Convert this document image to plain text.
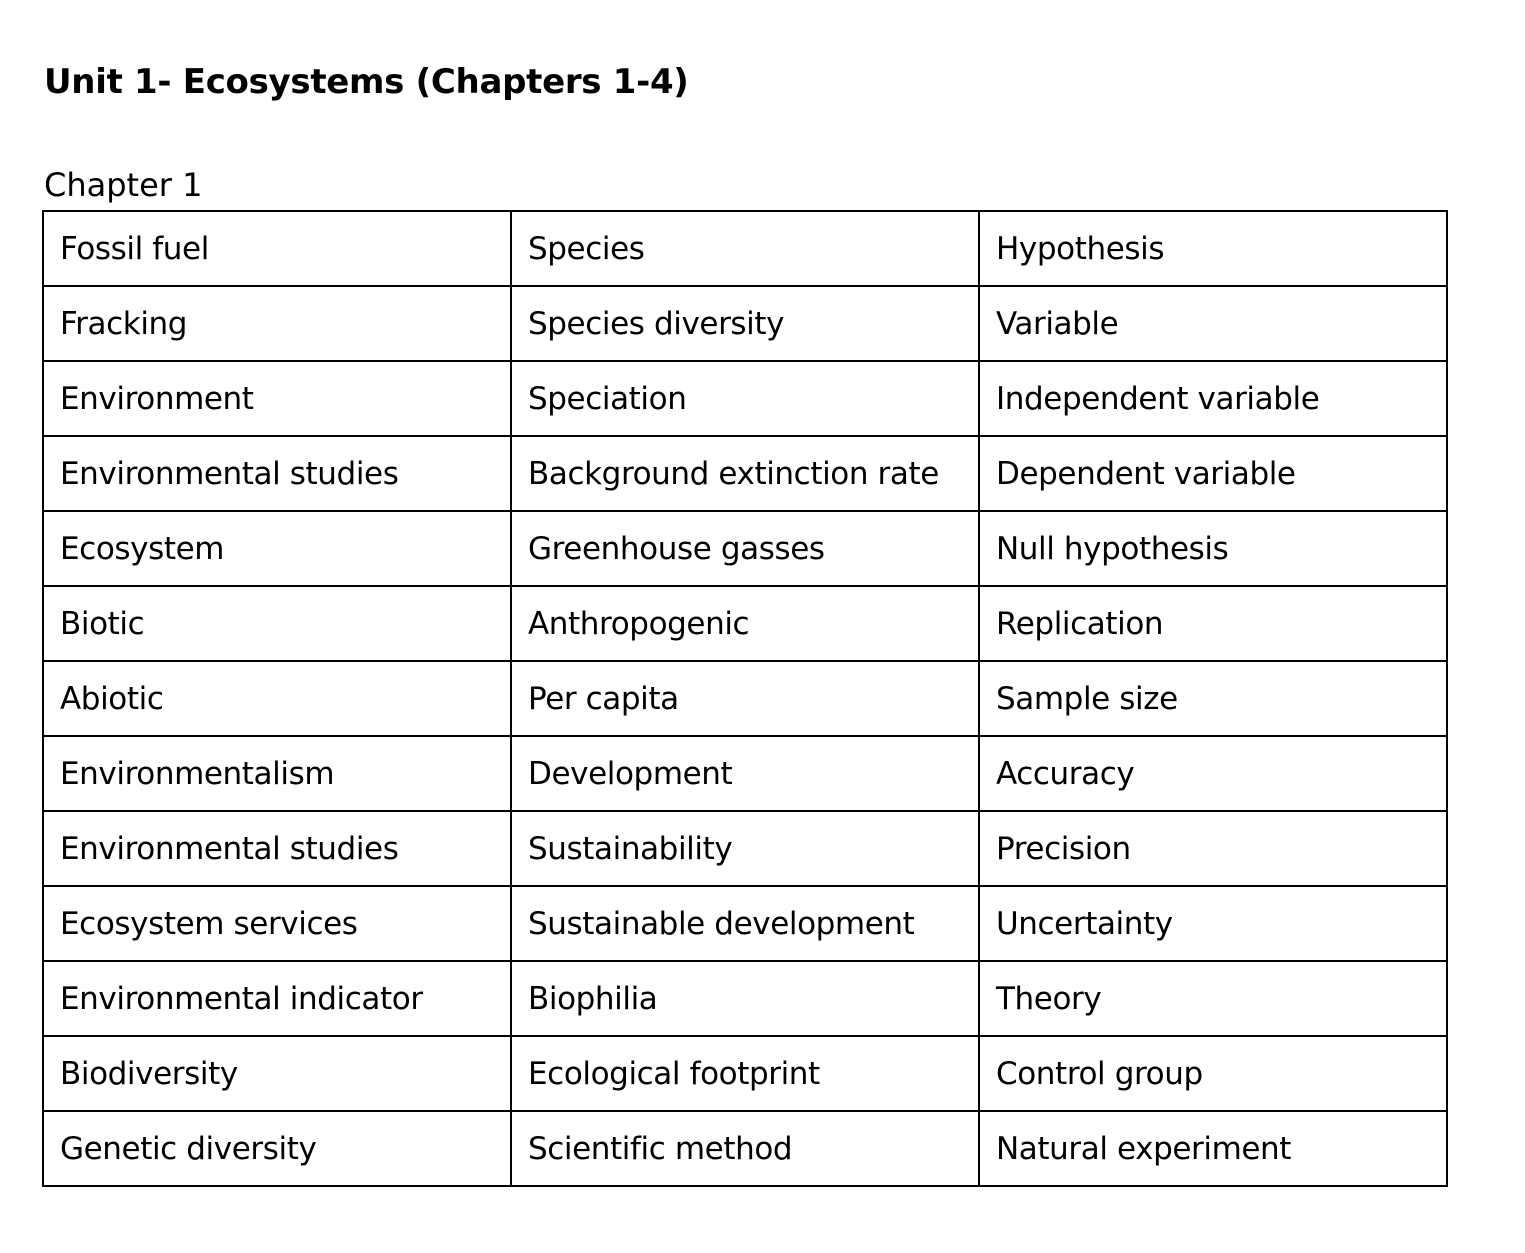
Unit 1- Ecosystems (Chapters 1-4)
Chapter 1
Fossil fuel	Species	Hypothesis
Fracking	Species diversity	Variable
Environment	Speciation	Independent variable
Environmental studies	Background extinction rate	Dependent variable
Ecosystem	Greenhouse gasses	Null hypothesis
Biotic	Anthropogenic	Replication
Abiotic	Per capita	Sample size
Environmentalism	Development	Accuracy
Environmental studies	Sustainability	Precision
Ecosystem services	Sustainable development	Uncertainty
Environmental indicator	Biophilia	Theory
Biodiversity	Ecological footprint	Control group
Genetic diversity	Scientific method	Natural experiment
